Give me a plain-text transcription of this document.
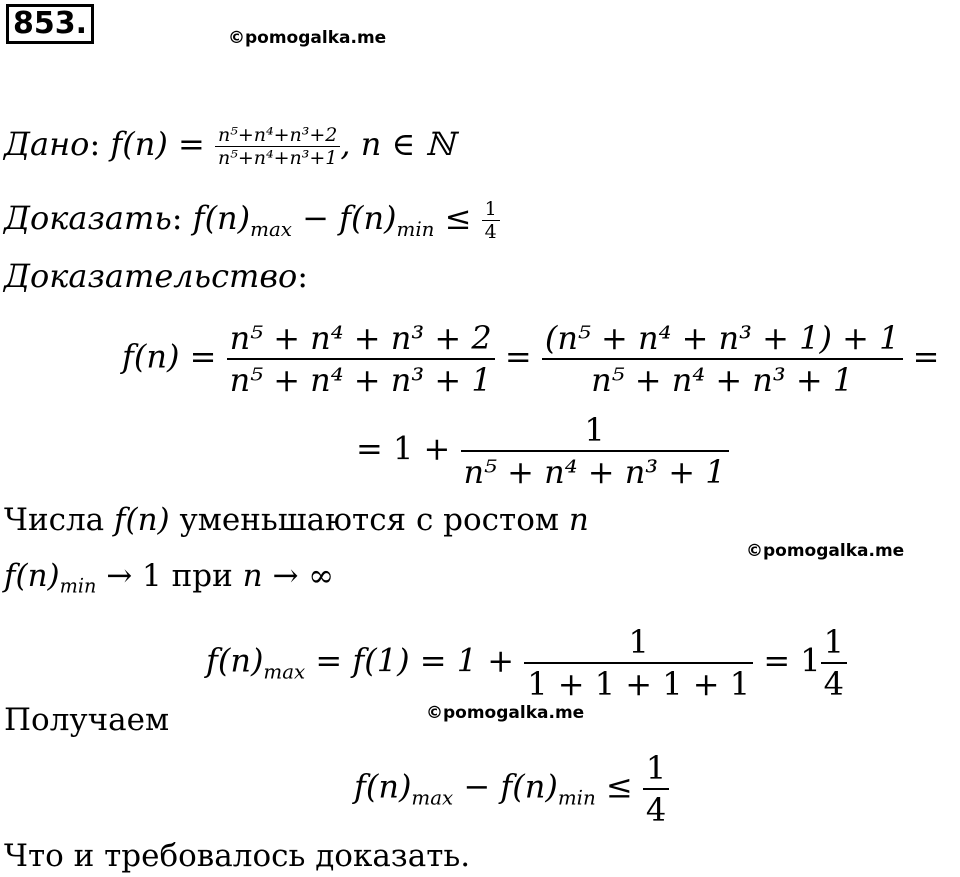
853.	©pomogalka.me
Дано: $f(n) = \frac{\text{n⁵+n⁴+n³+2}}{\text{n⁵+n⁴+n³+1}}$ , n ∈ ℕ
Доказать: $f(n)_{max} - f(n)_{min} \le \frac{1}{4}$
Доказательство:
$f(n) = \frac{\text{n⁵ + n⁴ + n³ + 2}}{\text{n⁵ + n⁴ + n³ + 1}} = \frac{\text{(n⁵ + n⁴ + n³ + 1) + 1}}{\text{n⁵ + n⁴ + n³ + 1}}$ =
= $1 + \frac{1}{\text{n⁵ + n⁴ + n³ + 1}}$
Числа f(n) уменьшаются с ростом n
©pomogalka.me
$f(n)_{min} \to 1$ при n → ∞
$f(n)_{max} = f(1) = 1 + \frac{1}{1 + 1 + 1 + 1} = 1 \frac{1}{4}$
Получаем	©pomogalka.me
$f(n)_{max} - f(n)_{min} \le \frac{1}{4}$
Что и требовалось доказать.
